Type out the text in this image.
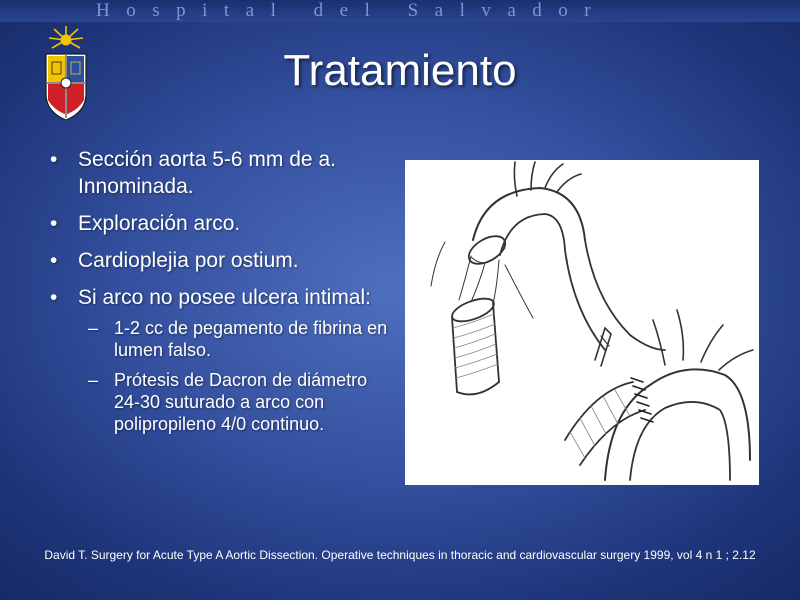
Hospital del Salvador
Tratamiento
• Sección aorta 5-6 mm de a. Innominada.
• Exploración arco.
• Cardioplejia por ostium.
• Si arco no posee ulcera intimal:
– 1-2 cc de pegamento de fibrina en lumen falso.
– Prótesis de Dacron de diámetro 24-30 suturado a arco con polipropileno 4/0 continuo.
David T. Surgery for Acute Type A Aortic Dissection. Operative techniques in thoracic and cardiovascular surgery 1999, vol 4 n 1 ; 2.12
